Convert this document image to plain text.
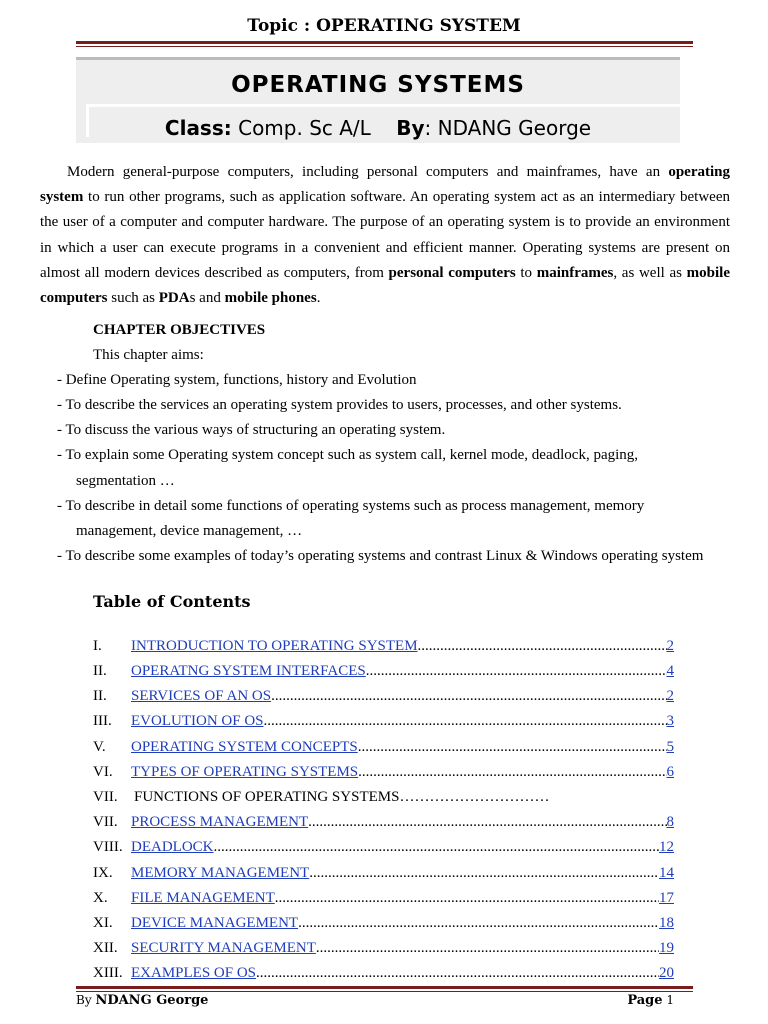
Topic : OPERATING SYSTEM
OPERATING SYSTEMS
Class: Comp. Sc A/L By: NDANG George

Modern general-purpose computers, including personal computers and mainframes, have an operating system to run other programs, such as application software. An operating system act as an intermediary between the user of a computer and computer hardware. The purpose of an operating system is to provide an environment in which a user can execute programs in a convenient and efficient manner. Operating systems are present on almost all modern devices described as computers, from personal computers to mainframes, as well as mobile computers such as PDAs and mobile phones.

CHAPTER OBJECTIVES
This chapter aims:
- Define Operating system, functions, history and Evolution
- To describe the services an operating system provides to users, processes, and other systems.
- To discuss the various ways of structuring an operating system.
- To explain some Operating system concept such as system call, kernel mode, deadlock, paging,
segmentation …
- To describe in detail some functions of operating systems such as process management, memory
management, device management, …
- To describe some examples of today’s operating systems and contrast Linux & Windows operating system
Table of Contents
I. INTRODUCTION TO OPERATING SYSTEM .....	2
II. OPERATNG SYSTEM INTERFACES .....	4
II. SERVICES OF AN OS .....	2
III. EVOLUTION OF OS .....	3
V. OPERATING SYSTEM CONCEPTS .....	5
VI. TYPES OF OPERATING SYSTEMS .....	6
VII. FUNCTIONS OF OPERATING SYSTEMS…………………………
VII. PROCESS MANAGEMENT .....	8
VIII. DEADLOCK .....	12
IX. MEMORY MANAGEMENT .....	14
X. FILE MANAGEMENT .....	17
XI. DEVICE MANAGEMENT .....	18
XII. SECURITY MANAGEMENT .....	19
XIII. EXAMPLES OF OS .....	20
By NDANG George	Page 1
